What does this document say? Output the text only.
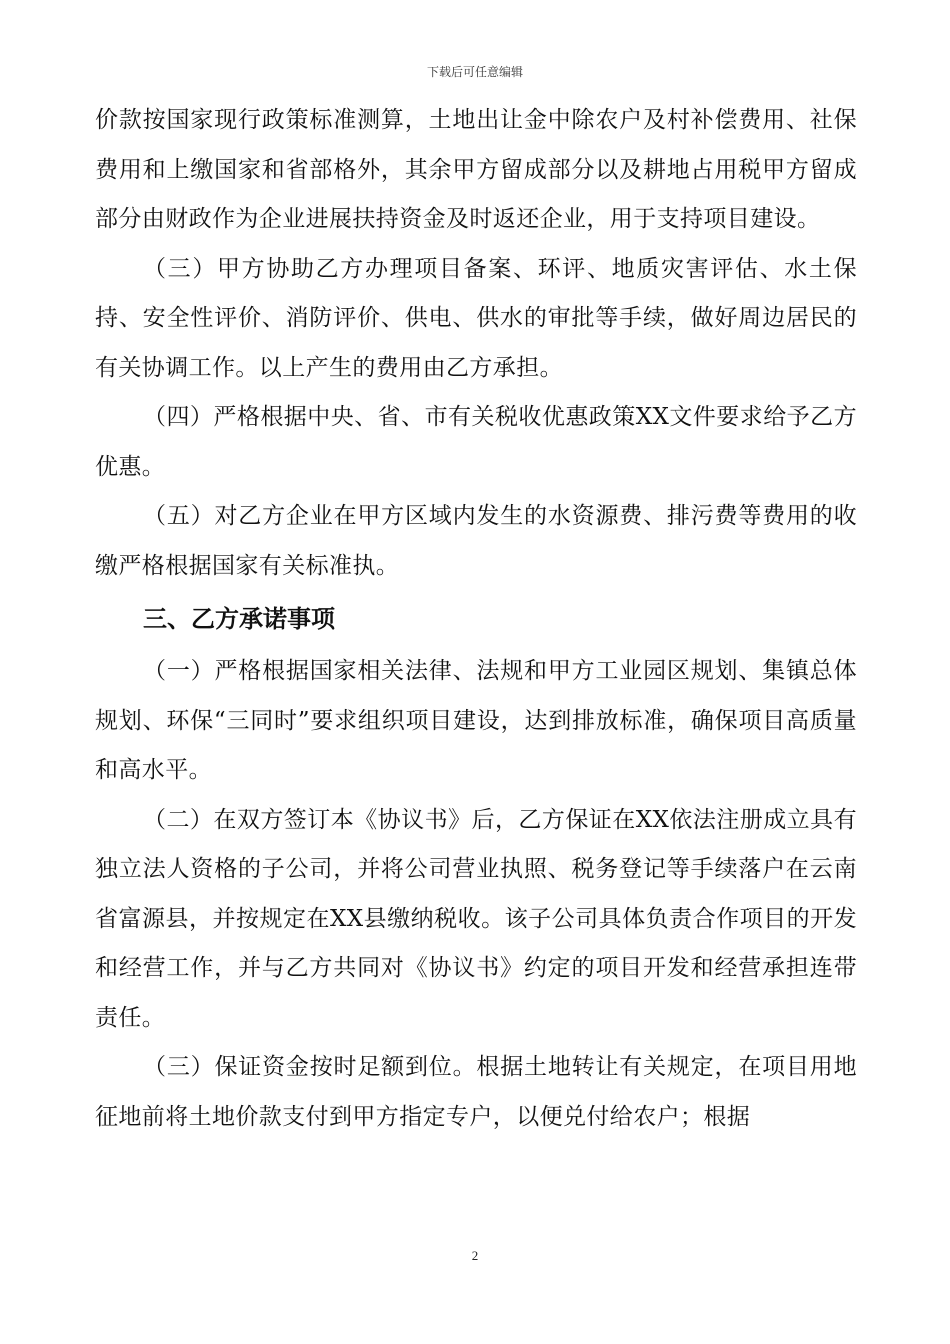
下载后可任意编辑

价款按国家现行政策标准测算，土地出让金中除农户及村补偿费用、社保费用和上缴国家和省部格外，其余甲方留成部分以及耕地占用税甲方留成部分由财政作为企业进展扶持资金及时返还企业，用于支持项目建设。

（三）甲方协助乙方办理项目备案、环评、地质灾害评估、水土保持、安全性评价、消防评价、供电、供水的审批等手续，做好周边居民的有关协调工作。以上产生的费用由乙方承担。

（四）严格根据中央、省、市有关税收优惠政策XX文件要求给予乙方优惠。

（五）对乙方企业在甲方区域内发生的水资源费、排污费等费用的收缴严格根据国家有关标准执。

三、乙方承诺事项

（一）严格根据国家相关法律、法规和甲方工业园区规划、集镇总体规划、环保“三同时”要求组织项目建设，达到排放标准，确保项目高质量和高水平。

（二）在双方签订本《协议书》后，乙方保证在XX依法注册成立具有独立法人资格的子公司，并将公司营业执照、税务登记等手续落户在云南省富源县，并按规定在XX县缴纳税收。该子公司具体负责合作项目的开发和经营工作，并与乙方共同对《协议书》约定的项目开发和经营承担连带责任。

（三）保证资金按时足额到位。根据土地转让有关规定，在项目用地征地前将土地价款支付到甲方指定专户，以便兑付给农户；根据

2
